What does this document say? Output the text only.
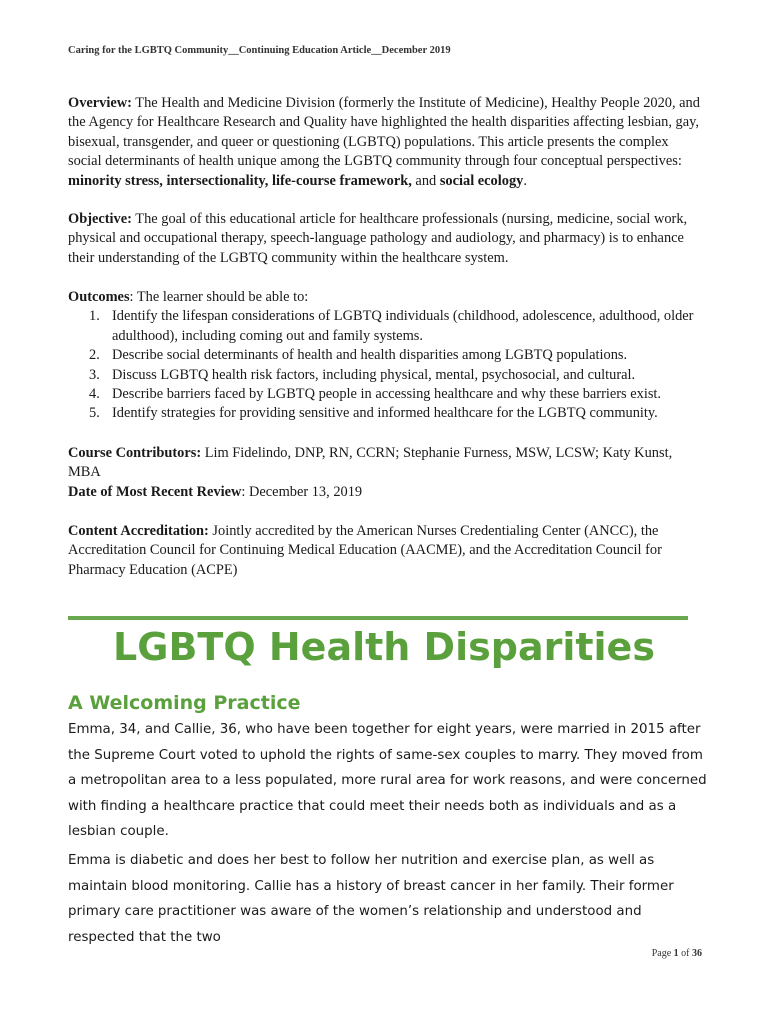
Caring for the LGBTQ Community__Continuing Education Article__December 2019
Overview: The Health and Medicine Division (formerly the Institute of Medicine), Healthy People 2020, and the Agency for Healthcare Research and Quality have highlighted the health disparities affecting lesbian, gay, bisexual, transgender, and queer or questioning (LGBTQ) populations. This article presents the complex social determinants of health unique among the LGBTQ community through four conceptual perspectives: minority stress, intersectionality, life-course framework, and social ecology.
Objective: The goal of this educational article for healthcare professionals (nursing, medicine, social work, physical and occupational therapy, speech-language pathology and audiology, and pharmacy) is to enhance their understanding of the LGBTQ community within the healthcare system.
Outcomes: The learner should be able to:
1. Identify the lifespan considerations of LGBTQ individuals (childhood, adolescence, adulthood, older adulthood), including coming out and family systems.
2. Describe social determinants of health and health disparities among LGBTQ populations.
3. Discuss LGBTQ health risk factors, including physical, mental, psychosocial, and cultural.
4. Describe barriers faced by LGBTQ people in accessing healthcare and why these barriers exist.
5. Identify strategies for providing sensitive and informed healthcare for the LGBTQ community.
Course Contributors: Lim Fidelindo, DNP, RN, CCRN; Stephanie Furness, MSW, LCSW; Katy Kunst, MBA
Date of Most Recent Review: December 13, 2019
Content Accreditation: Jointly accredited by the American Nurses Credentialing Center (ANCC), the Accreditation Council for Continuing Medical Education (AACME), and the Accreditation Council for Pharmacy Education (ACPE)
LGBTQ Health Disparities
A Welcoming Practice
Emma, 34, and Callie, 36, who have been together for eight years, were married in 2015 after the Supreme Court voted to uphold the rights of same-sex couples to marry. They moved from a metropolitan area to a less populated, more rural area for work reasons, and were concerned with finding a healthcare practice that could meet their needs both as individuals and as a lesbian couple.
Emma is diabetic and does her best to follow her nutrition and exercise plan, as well as maintain blood monitoring. Callie has a history of breast cancer in her family. Their former primary care practitioner was aware of the women’s relationship and understood and respected that the two
Page 1 of 36
